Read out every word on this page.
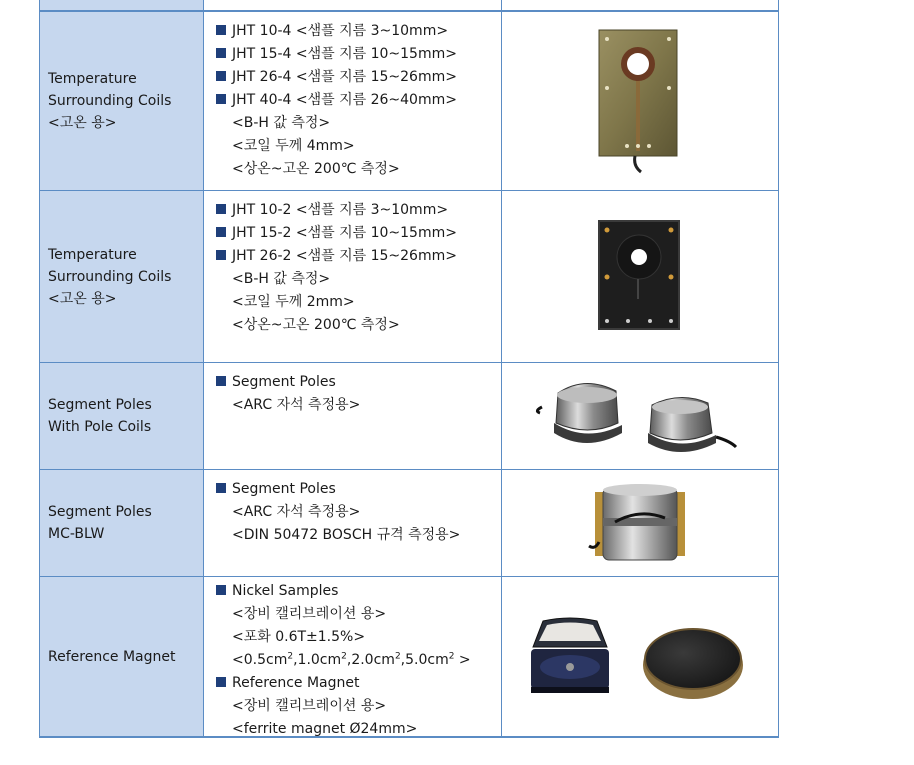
Temperature
Surrounding Coils
<고온 용>
JHT 10-4 <샘플 지름 3~10mm>
JHT 15-4 <샘플 지름 10~15mm>
JHT 26-4 <샘플 지름 15~26mm>
JHT 40-4 <샘플 지름 26~40mm>
<B-H 값 측정>
<코일 두께 4mm>
<상온~고온 200℃ 측정>
Temperature
Surrounding Coils
<고온 용>
JHT 10-2 <샘플 지름 3~10mm>
JHT 15-2 <샘플 지름 10~15mm>
JHT 26-2 <샘플 지름 15~26mm>
<B-H 값 측정>
<코일 두께 2mm>
<상온~고온 200℃ 측정>
Segment Poles
With Pole Coils
Segment Poles
<ARC 자석 측정용>
Segment Poles
MC-BLW
Segment Poles
<ARC 자석 측정용>
<DIN 50472 BOSCH 규격 측정용>
Reference Magnet
Nickel Samples
<장비 캘리브레이션 용>
<포화 0.6T±1.5%>
$<0.5cm^2,1.0cm^2,2.0cm^2,5.0cm^2$ >
Reference Magnet
<장비 캘리브레이션 용>
<ferrite magnet Ø24mm>
